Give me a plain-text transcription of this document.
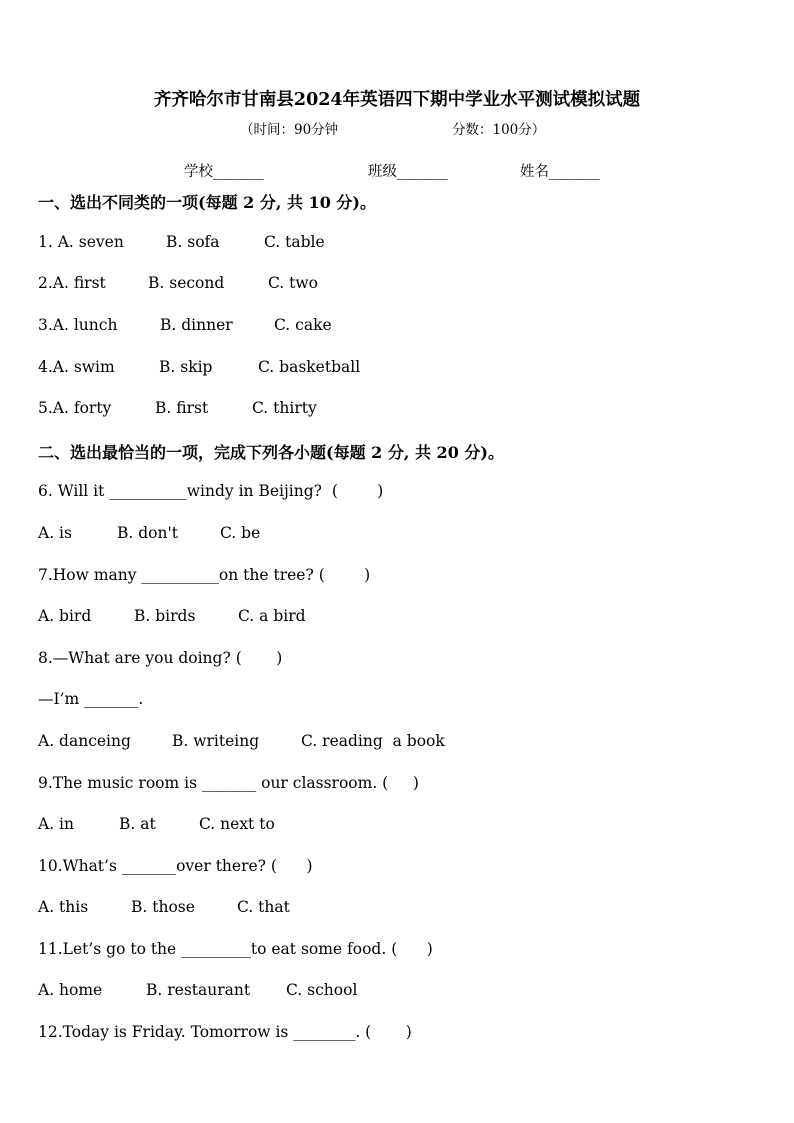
齐齐哈尔市甘南县2024年英语四下期中学业水平测试模拟试题
（时间：90分钟	分数：100分）
学校_______	班级_______	姓名_______
一、选出不同类的一项(每题 2 分, 共 10 分)。
1. A. seven	B. sofa	C. table
2.A. first	B. second	C. two
3.A. lunch	B. dinner	C. cake
4.A. swim	B. skip	C. basketball
5.A. forty	B. first	C. thirty
二、选出最恰当的一项，完成下列各小题(每题 2 分, 共 20 分)。
6. Will it __________windy in Beijing?  (        )
A. is	B. don't	C. be
7.How many __________on the tree? (        )
A. bird	B. birds	C. a bird
8.—What are you doing? (       )
—I’m _______.
A. danceing	B. writeing	C. reading  a book
9.The music room is _______ our classroom. (     )
A. in	B. at	C. next to
10.What’s _______over there? (      )
A. this	B. those	C. that
11.Let’s go to the _________to eat some food. (      )
A. home	B. restaurant C. school
12.Today is Friday. Tomorrow is ________. (       )
